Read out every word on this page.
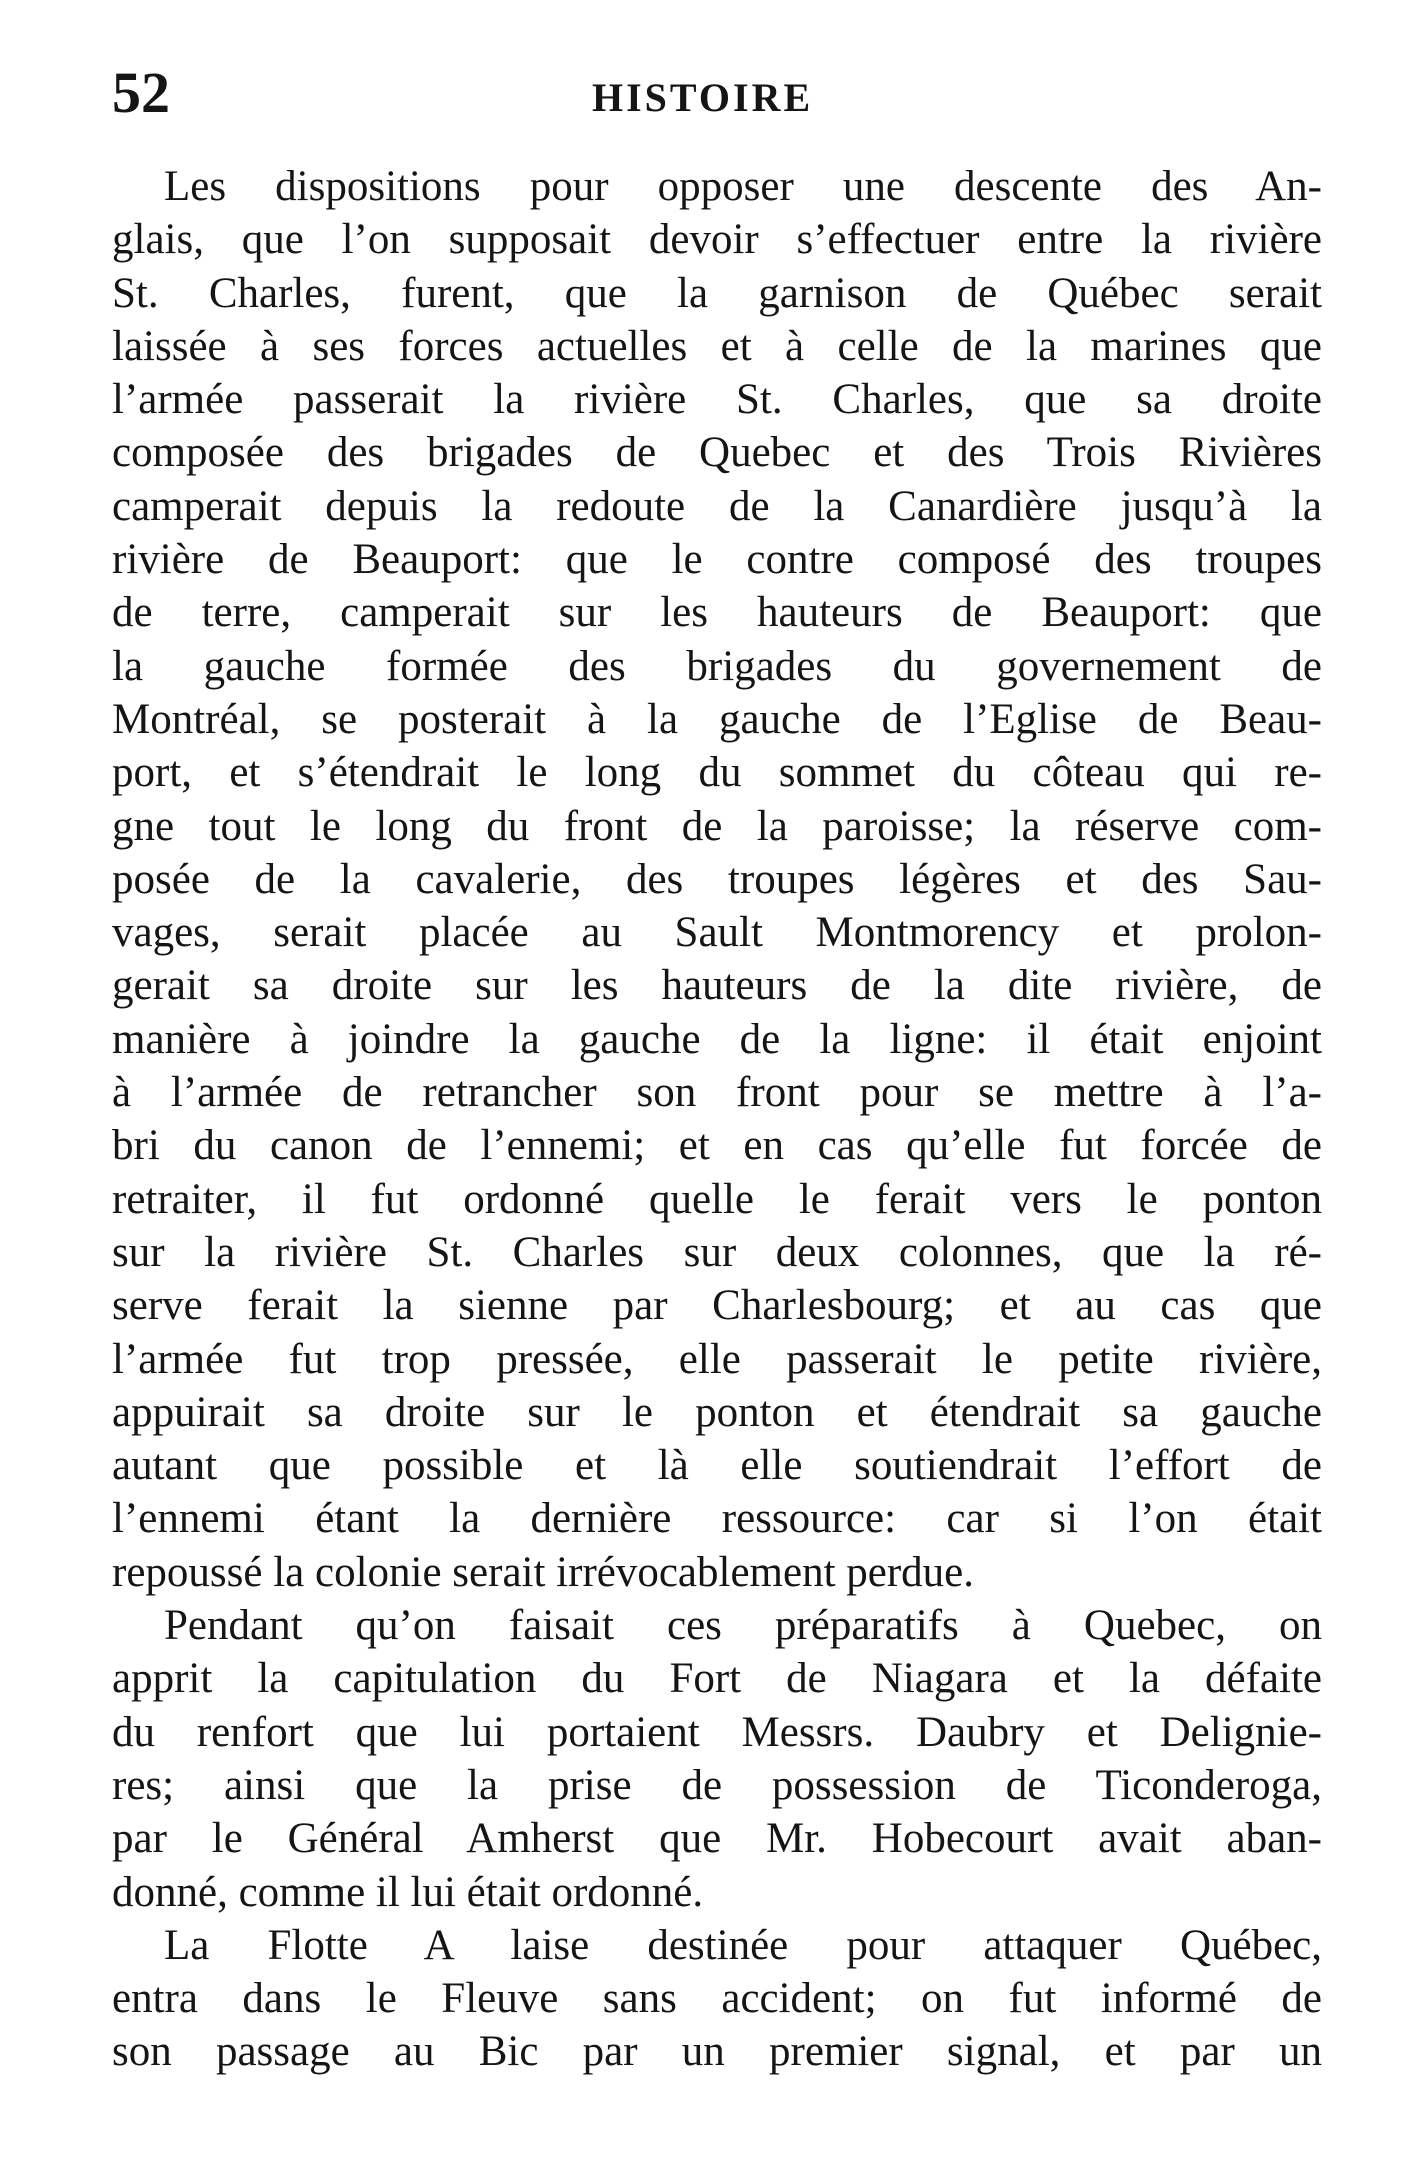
52	HISTOIRE
Les dispositions pour opposer une descente des An-
glais, que l’on supposait devoir s’effectuer entre la rivière
St. Charles, furent, que la garnison de Québec serait
laissée à ses forces actuelles et à celle de la marines que
l’armée passerait la rivière St. Charles, que sa droite
composée des brigades de Quebec et des Trois Rivières
camperait depuis la redoute de la Canardière jusqu’à la
rivière de Beauport: que le contre composé des troupes
de terre, camperait sur les hauteurs de Beauport: que
la gauche formée des brigades du governement de
Montréal, se posterait à la gauche de l’Eglise de Beau-
port, et s’étendrait le long du sommet du côteau qui re-
gne tout le long du front de la paroisse; la réserve com-
posée de la cavalerie, des troupes légères et des Sau-
vages, serait placée au Sault Montmorency et prolon-
gerait sa droite sur les hauteurs de la dite rivière, de
manière à joindre la gauche de la ligne: il était enjoint
à l’armée de retrancher son front pour se mettre à l’a-
bri du canon de l’ennemi; et en cas qu’elle fut forcée de
retraiter, il fut ordonné quelle le ferait vers le ponton
sur la rivière St. Charles sur deux colonnes, que la ré-
serve ferait la sienne par Charlesbourg; et au cas que
l’armée fut trop pressée, elle passerait le petite rivière,
appuirait sa droite sur le ponton et étendrait sa gauche
autant que possible et là elle soutiendrait l’effort de
l’ennemi étant la dernière ressource: car si l’on était
repoussé la colonie serait irrévocablement perdue.
Pendant qu’on faisait ces préparatifs à Quebec, on
apprit la capitulation du Fort de Niagara et la défaite
du renfort que lui portaient Messrs. Daubry et Delignie-
res; ainsi que la prise de possession de Ticonderoga,
par le Général Amherst que Mr. Hobecourt avait aban-
donné, comme il lui était ordonné.
La Flotte A laise destinée pour attaquer Québec,
entra dans le Fleuve sans accident; on fut informé de
son passage au Bic par un premier signal, et par un
